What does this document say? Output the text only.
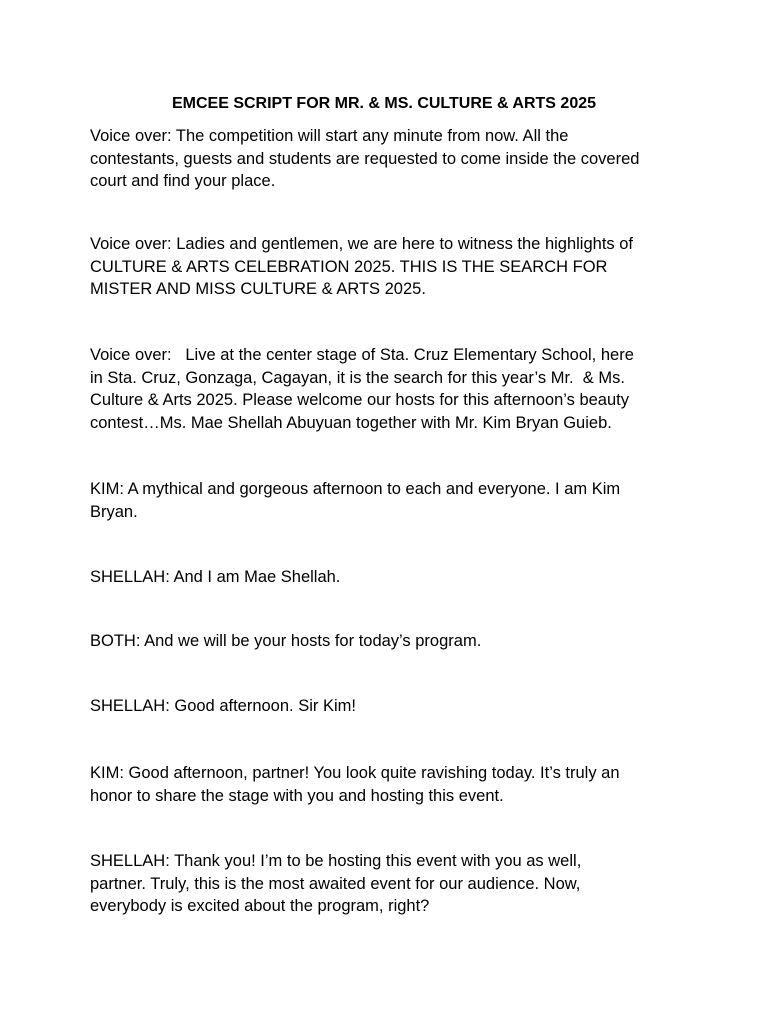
EMCEE SCRIPT FOR MR. & MS. CULTURE & ARTS 2025

Voice over: The competition will start any minute from now. All the
contestants, guests and students are requested to come inside the covered
court and find your place.

Voice over: Ladies and gentlemen, we are here to witness the highlights of
CULTURE & ARTS CELEBRATION 2025. THIS IS THE SEARCH FOR
MISTER AND MISS CULTURE & ARTS 2025.

Voice over:   Live at the center stage of Sta. Cruz Elementary School, here
in Sta. Cruz, Gonzaga, Cagayan, it is the search for this year’s Mr.  & Ms.
Culture & Arts 2025. Please welcome our hosts for this afternoon’s beauty
contest…Ms. Mae Shellah Abuyuan together with Mr. Kim Bryan Guieb.

KIM: A mythical and gorgeous afternoon to each and everyone. I am Kim
Bryan.

SHELLAH: And I am Mae Shellah.

BOTH: And we will be your hosts for today’s program.

SHELLAH: Good afternoon. Sir Kim!

KIM: Good afternoon, partner! You look quite ravishing today. It’s truly an
honor to share the stage with you and hosting this event.

SHELLAH: Thank you! I’m to be hosting this event with you as well,
partner. Truly, this is the most awaited event for our audience. Now,
everybody is excited about the program, right?
